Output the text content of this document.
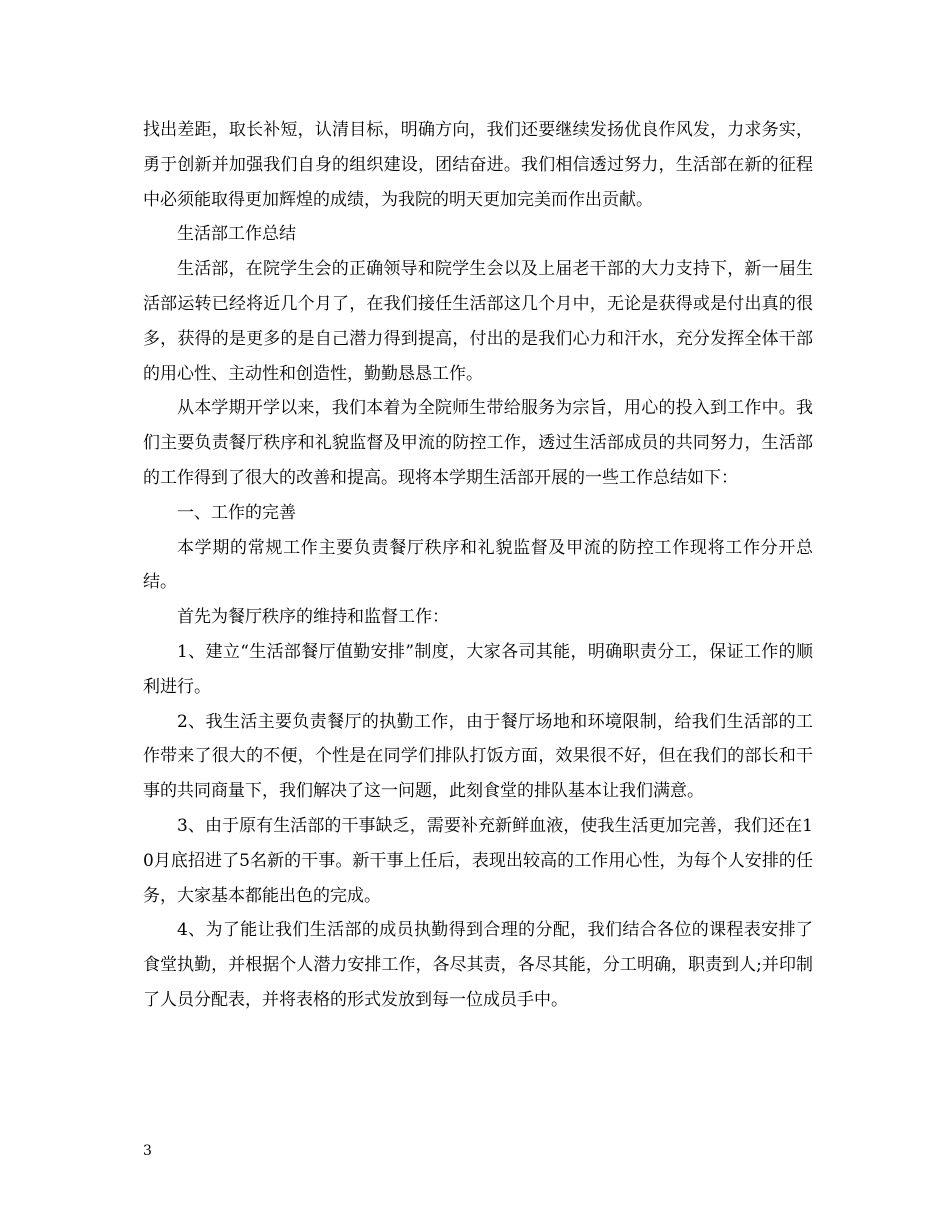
找出差距，取长补短，认清目标，明确方向，我们还要继续发扬优良作风发，力求务实，勇于创新并加强我们自身的组织建设，团结奋进。我们相信透过努力，生活部在新的征程中必须能取得更加辉煌的成绩，为我院的明天更加完美而作出贡献。

生活部工作总结

生活部，在院学生会的正确领导和院学生会以及上届老干部的大力支持下，新一届生活部运转已经将近几个月了，在我们接任生活部这几个月中，无论是获得或是付出真的很多，获得的是更多的是自己潜力得到提高，付出的是我们心力和汗水，充分发挥全体干部的用心性、主动性和创造性，勤勤恳恳工作。

从本学期开学以来，我们本着为全院师生带给服务为宗旨，用心的投入到工作中。我们主要负责餐厅秩序和礼貌监督及甲流的防控工作，透过生活部成员的共同努力，生活部的工作得到了很大的改善和提高。现将本学期生活部开展的一些工作总结如下：

一、工作的完善

本学期的常规工作主要负责餐厅秩序和礼貌监督及甲流的防控工作现将工作分开总结。

首先为餐厅秩序的维持和监督工作：

1、建立“生活部餐厅值勤安排”制度，大家各司其能，明确职责分工，保证工作的顺利进行。

2、我生活主要负责餐厅的执勤工作，由于餐厅场地和环境限制，给我们生活部的工作带来了很大的不便，个性是在同学们排队打饭方面，效果很不好，但在我们的部长和干事的共同商量下，我们解决了这一问题，此刻食堂的排队基本让我们满意。

3、由于原有生活部的干事缺乏，需要补充新鲜血液，使我生活更加完善，我们还在10月底招进了5名新的干事。新干事上任后，表现出较高的工作用心性，为每个人安排的任务，大家基本都能出色的完成。

4、为了能让我们生活部的成员执勤得到合理的分配，我们结合各位的课程表安排了食堂执勤，并根据个人潜力安排工作，各尽其责，各尽其能，分工明确，职责到人;并印制了人员分配表，并将表格的形式发放到每一位成员手中。

3
